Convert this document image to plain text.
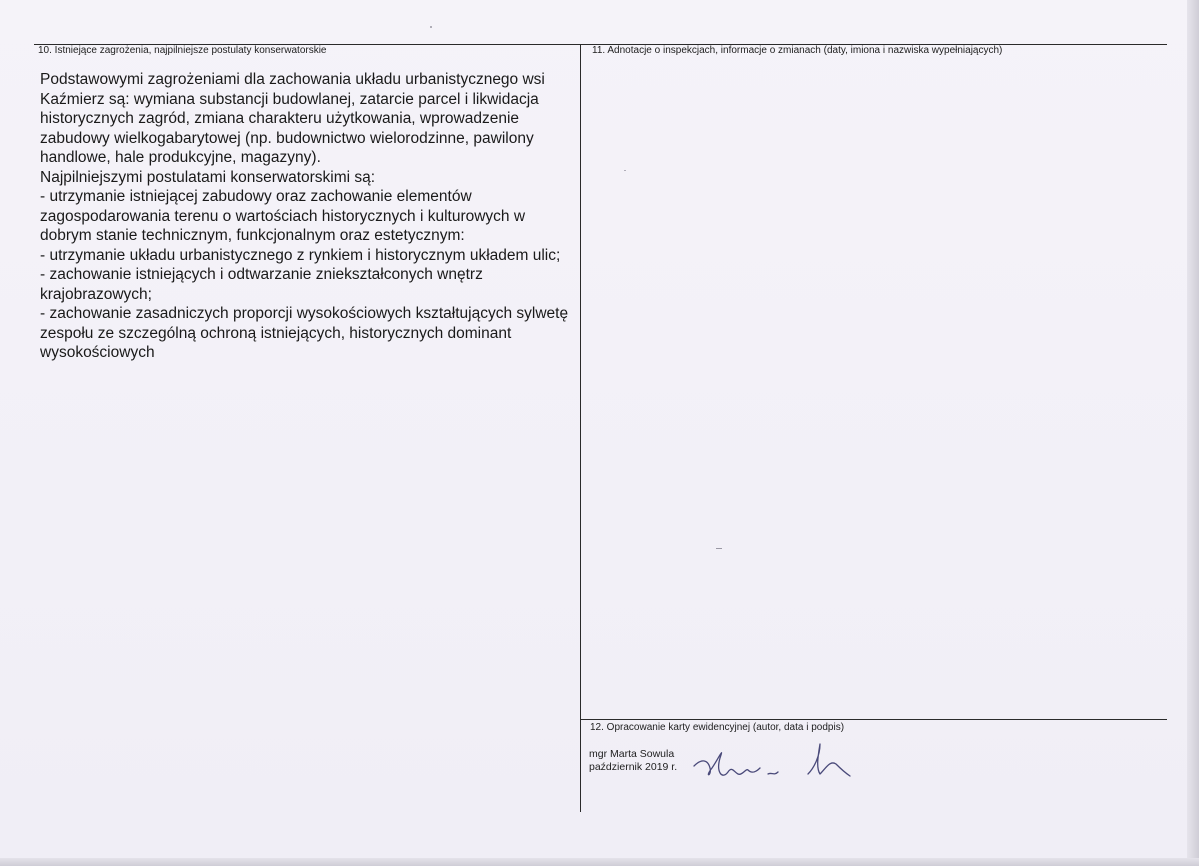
10. Istniejące zagrożenia, najpilniejsze postulaty konserwatorskie	11. Adnotacje o inspekcjach, informacje o zmianach (daty, imiona i nazwiska wypełniających)
12. Opracowanie karty ewidencyjnej (autor, data i podpis)
Podstawowymi zagrożeniami dla zachowania układu urbanistycznego wsi Kaźmierz są: wymiana substancji budowlanej, zatarcie parcel i likwidacja historycznych zagród, zmiana charakteru użytkowania, wprowadzenie zabudowy wielkogabarytowej (np. budownictwo wielorodzinne, pawilony handlowe, hale produkcyjne, magazyny).
Najpilniejszymi postulatami konserwatorskimi są:
- utrzymanie istniejącej zabudowy oraz zachowanie elementów zagospodarowania terenu o wartościach historycznych i kulturowych w dobrym stanie technicznym, funkcjonalnym oraz estetycznym:
- utrzymanie układu urbanistycznego z rynkiem i historycznym układem ulic;
- zachowanie istniejących i odtwarzanie zniekształconych wnętrz krajobrazowych;
- zachowanie zasadniczych proporcji wysokościowych kształtujących sylwetę zespołu ze szczególną ochroną istniejących, historycznych dominant wysokościowych
mgr Marta Sowula
październik 2019 r.
